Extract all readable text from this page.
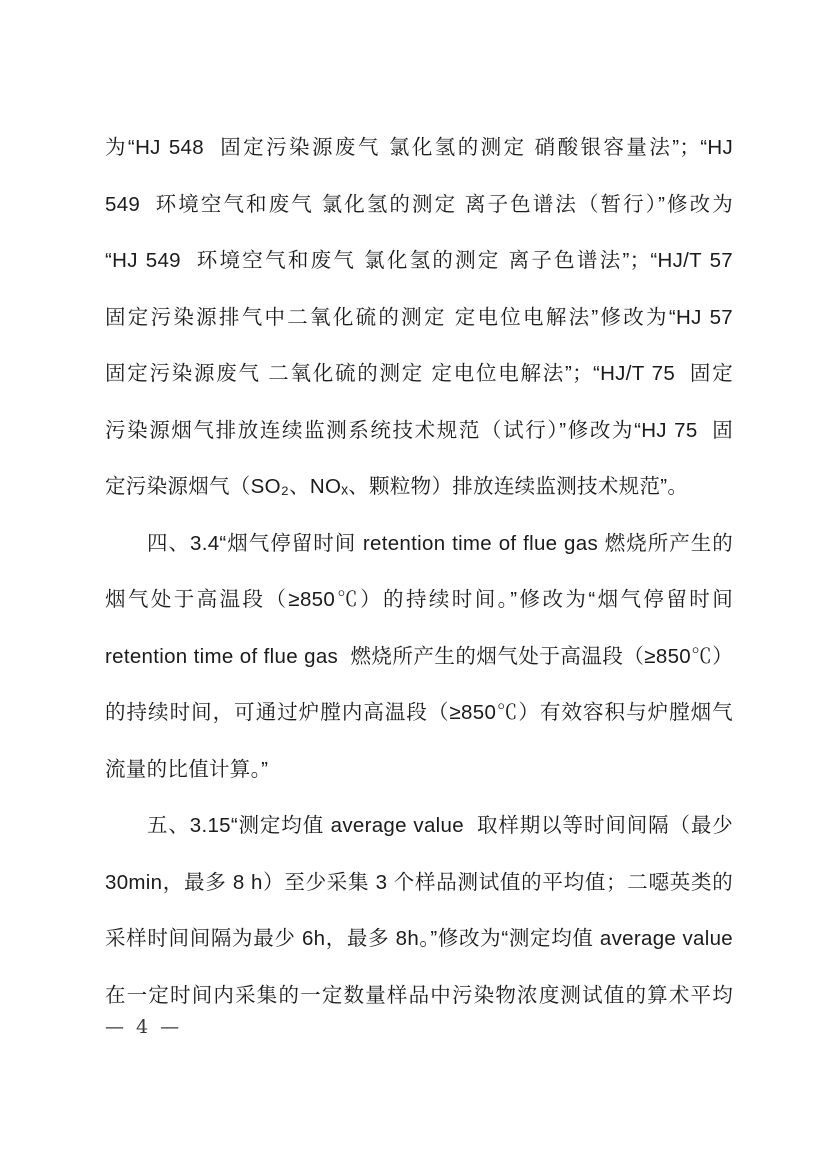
为“HJ 548  固定污染源废气 氯化氢的测定 硝酸银容量法”；“HJ
549  环境空气和废气 氯化氢的测定 离子色谱法（暂行）”修改为
“HJ 549  环境空气和废气 氯化氢的测定 离子色谱法”；“HJ/T 57
固定污染源排气中二氧化硫的测定 定电位电解法”修改为“HJ 57
固定污染源废气 二氧化硫的测定 定电位电解法”；“HJ/T 75  固定
污染源烟气排放连续监测系统技术规范（试行）”修改为“HJ 75  固
定污染源烟气（SO₂、NOₓ、颗粒物）排放连续监测技术规范”。
四、3.4“烟气停留时间 retention time of flue gas 燃烧所产生的
烟气处于高温段（≥850℃）的持续时间。”修改为“烟气停留时间
retention time of flue gas  燃烧所产生的烟气处于高温段（≥850℃）
的持续时间，可通过炉膛内高温段（≥850℃）有效容积与炉膛烟气
流量的比值计算。”
五、3.15“测定均值 average value  取样期以等时间间隔（最少
30min，最多 8 h）至少采集 3 个样品测试值的平均值；二噁英类的
采样时间间隔为最少 6h，最多 8h。”修改为“测定均值 average value
在一定时间内采集的一定数量样品中污染物浓度测试值的算术平均
— 4 —
